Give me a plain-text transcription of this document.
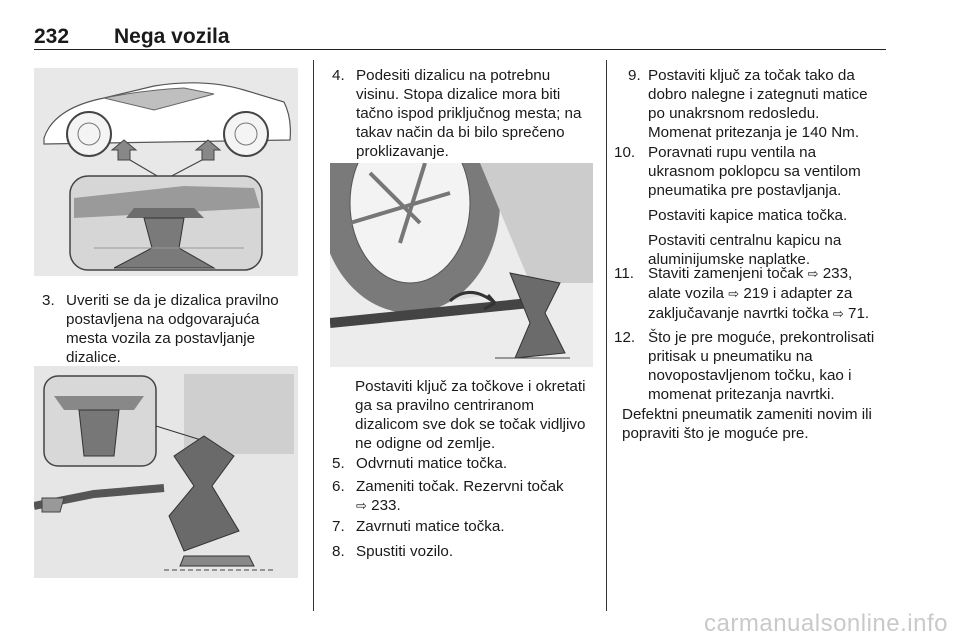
232 Nega vozila
3. Uveriti se da je dizalica pravilno
postavljena na odgovarajuća
mesta vozila za postavljanje
dizalice.
4. Podesiti dizalicu na potrebnu
visinu. Stopa dizalice mora biti
tačno ispod priključnog mesta; na
takav način da bi bilo sprečeno
proklizavanje.
Postaviti ključ za točkove i okretati
ga sa pravilno centriranom
dizalicom sve dok se točak vidljivo
ne odigne od zemlje.
5. Odvrnuti matice točka.
6. Zameniti točak. Rezervni točak
⇨ 233.
7. Zavrnuti matice točka.
8. Spustiti vozilo.
9. Postaviti ključ za točak tako da
dobro nalegne i zategnuti matice
po unakrsnom redosledu.
Momenat pritezanja je 140 Nm.
10. Poravnati rupu ventila na
ukrasnom poklopcu sa ventilom
pneumatika pre postavljanja.
Postaviti kapice matica točka.
Postaviti centralnu kapicu na
aluminijumske naplatke.
11. Staviti zamenjeni točak ⇨ 233,
alate vozila ⇨ 219 i adapter za
zaključavanje navrtki točka ⇨ 71.
12. Što je pre moguće, prekontrolisati
pritisak u pneumatiku na
novopostavljenom točku, kao i
momenat pritezanja navrtki.
Defektni pneumatik zameniti novim ili
popraviti što je moguće pre.
carmanualsonline.info
